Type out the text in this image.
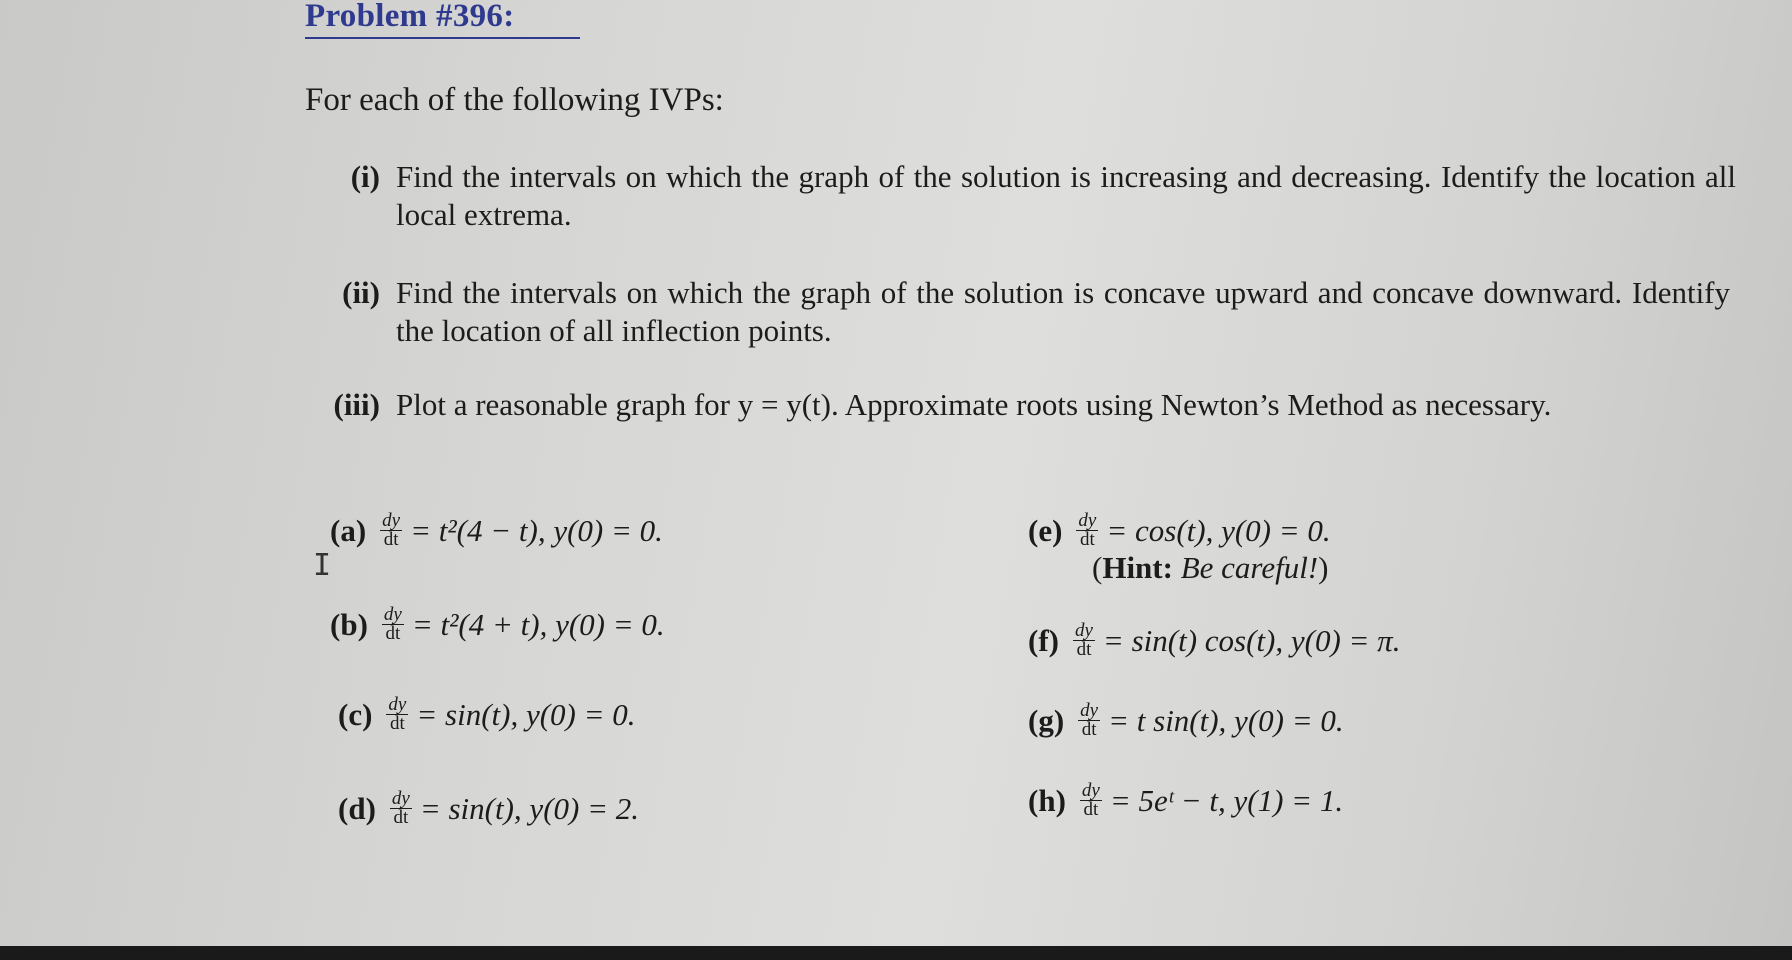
Problem #396:
For each of the following IVPs:
(i) Find the intervals on which the graph of the solution is increasing and decreasing. Identify the location all local extrema.
(ii) Find the intervals on which the graph of the solution is concave upward and concave downward. Identify the location of all inflection points.
(iii) Plot a reasonable graph for y = y(t). Approximate roots using Newton’s Method as necessary.
$(a) \frac{dy}{dt} = t^2(4 - t)$, y(0) = 0.
$(b) \frac{dy}{dt} = t^2(4 + t)$, y(0) = 0.
$(c) \frac{dy}{dt} = \sin(t)$, y(0) = 0.
$(d) \frac{dy}{dt} = \sin(t)$, y(0) = 2.
$(e) \frac{dy}{dt} = \cos(t)$, y(0) = 0.
(Hint: Be careful!)
$(f) \frac{dy}{dt} = \sin(t)$ cos(t), y(0) = π.
$(g) \frac{dy}{dt} = t$ sin(t), y(0) = 0.
$(h) \frac{dy}{dt}$ = 5eᵗ − t, y(1) = 1.
I
